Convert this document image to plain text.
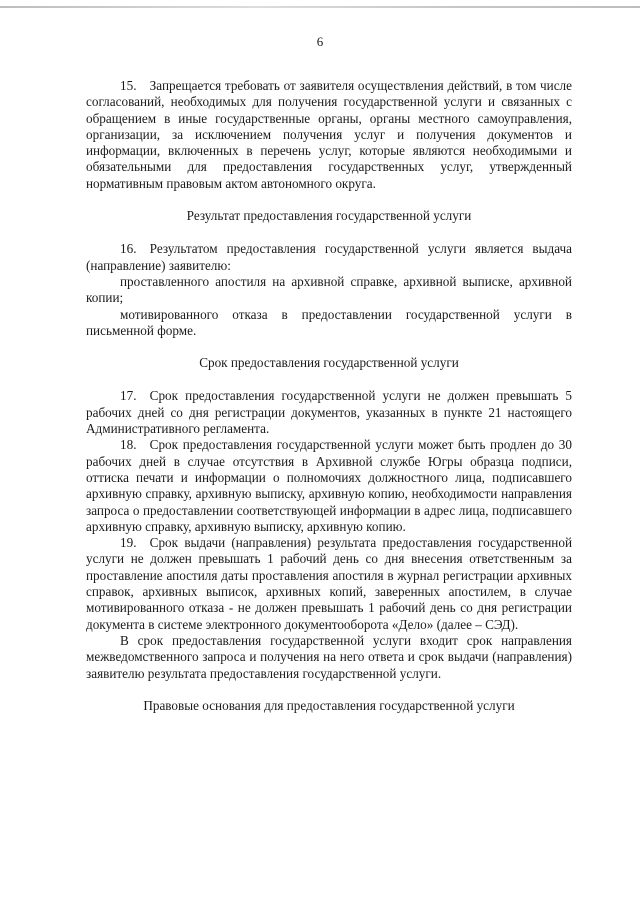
6

15. Запрещается требовать от заявителя осуществления действий, в том числе согласований, необходимых для получения государственной услуги и связанных с обращением в иные государственные органы, органы местного самоуправления, организации, за исключением получения услуг и получения документов и информации, включенных в перечень услуг, которые являются необходимыми и обязательными для предоставления государственных услуг, утвержденный нормативным правовым актом автономного округа.

Результат предоставления государственной услуги

16. Результатом предоставления государственной услуги является выдача (направление) заявителю:

проставленного апостиля на архивной справке, архивной выписке, архивной копии;

мотивированного отказа в предоставлении государственной услуги в письменной форме.

Срок предоставления государственной услуги

17. Срок предоставления государственной услуги не должен превышать 5 рабочих дней со дня регистрации документов, указанных в пункте 21 настоящего Административного регламента.

18. Срок предоставления государственной услуги может быть продлен до 30 рабочих дней в случае отсутствия в Архивной службе Югры образца подписи, оттиска печати и информации о полномочиях должностного лица, подписавшего архивную справку, архивную выписку, архивную копию, необходимости направления запроса о предоставлении соответствующей информации в адрес лица, подписавшего архивную справку, архивную выписку, архивную копию.

19. Срок выдачи (направления) результата предоставления государственной услуги не должен превышать 1 рабочий день со дня внесения ответственным за проставление апостиля даты проставления апостиля в журнал регистрации архивных справок, архивных выписок, архивных копий, заверенных апостилем, в случае мотивированного отказа - не должен превышать 1 рабочий день со дня регистрации документа в системе электронного документооборота «Дело» (далее – СЭД).

В срок предоставления государственной услуги входит срок направления межведомственного запроса и получения на него ответа и срок выдачи (направления) заявителю результата предоставления государственной услуги.

Правовые основания для предоставления государственной услуги
